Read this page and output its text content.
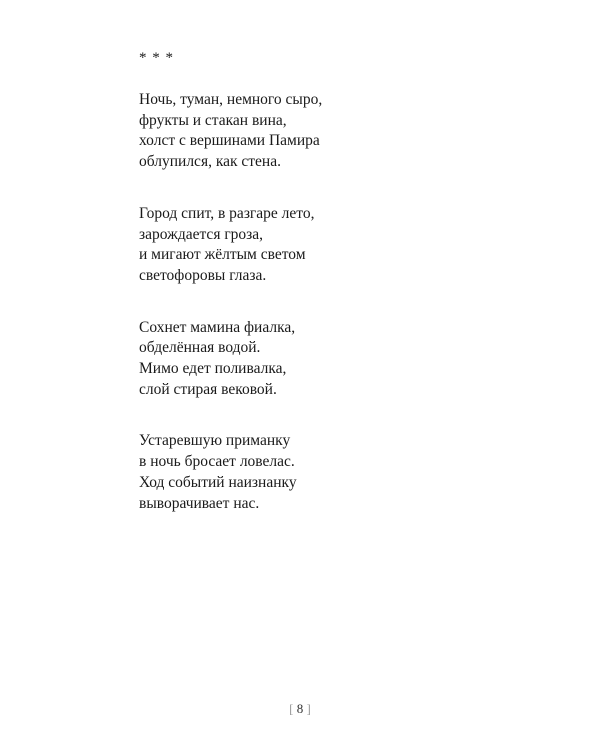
* * *

Ночь, туман, немного сыро,
фрукты и стакан вина,
холст с вершинами Памира
облупился, как стена.
Город спит, в разгаре лето,
зарождается гроза,
и мигают жёлтым светом
светофоровы глаза.
Сохнет мамина фиалка,
обделённая водой.
Мимо едет поливалка,
слой стирая вековой.
Устаревшую приманку
в ночь бросает ловелас.
Ход событий наизнанку
выворачивает нас.
[ 8 ]
